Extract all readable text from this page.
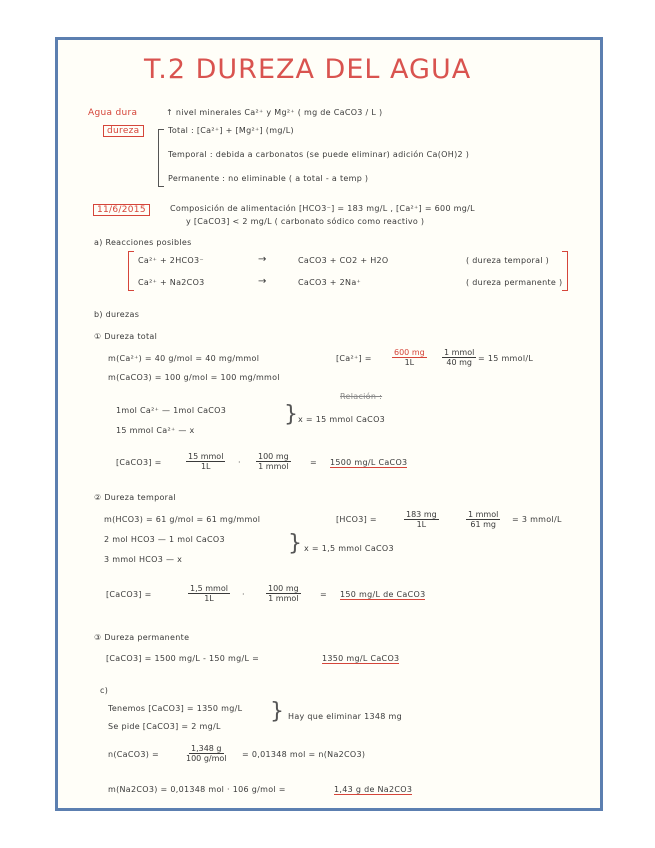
T.2 DUREZA DEL AGUA
Agua dura	↑ nivel minerales Ca²⁺ y Mg²⁺ ( mg de CaCO3 / L )
dureza	Total : [Ca²⁺] + [Mg²⁺] (mg/L)
Temporal : debida a carbonatos (se puede eliminar) adición Ca(OH)2 )
Permanente : no eliminable ( a total - a temp )
11/6/2015	Composición de alimentación [HCO3⁻] = 183 mg/L , [Ca²⁺] = 600 mg/L
y [CaCO3] < 2 mg/L ( carbonato sódico como reactivo )
a) Reacciones posibles
Ca²⁺ + 2HCO3⁻	→	CaCO3 + CO2 + H2O	( dureza temporal )
Ca²⁺ + Na2CO3	→	CaCO3 + 2Na⁺	( dureza permanente )
b) durezas
① Dureza total
m(Ca²⁺) = 40 g/mol = 40 mg/mmol
m(CaCO3) = 100 g/mol = 100 mg/mmol
[Ca²⁺] =	$\frac{600 mg}{1L} 1$ mmol
40 mg = 15 mmol/L
Relación :
1mol Ca²⁺ — 1mol CaCO3
15 mmol Ca²⁺ — x
} x = 15 mmol CaCO3
[CaCO3] =
15 mmol
1L	·
100 mg
1 mmol	= 1500 mg/L CaCO3
② Dureza temporal
m(HCO3) = 61 g/mol = 61 mg/mmol	[HCO3] =	$\frac{183 mg}{1L}$	1 mmol
61 mg
= 3 mmol/L
2 mol HCO3 — 1 mol CaCO3
3 mmol HCO3 — x
} x = 1,5 mmol CaCO3
[CaCO3] =
1,5 mmol
1L	·
100 mg
1 mmol	= 150 mg/L de CaCO3
③ Dureza permanente
[CaCO3] = 1500 mg/L - 150 mg/L =	1350 mg/L CaCO3
c)
Tenemos [CaCO3] = 1350 mg/L
Se pide [CaCO3] = 2 mg/L
} Hay que eliminar 1348 mg
n(CaCO3) =
1,348 g
100 g/mol = 0,01348 mol = n(Na2CO3)
m(Na2CO3) = 0,01348 mol · 106 g/mol =	1,43 g de Na2CO3
